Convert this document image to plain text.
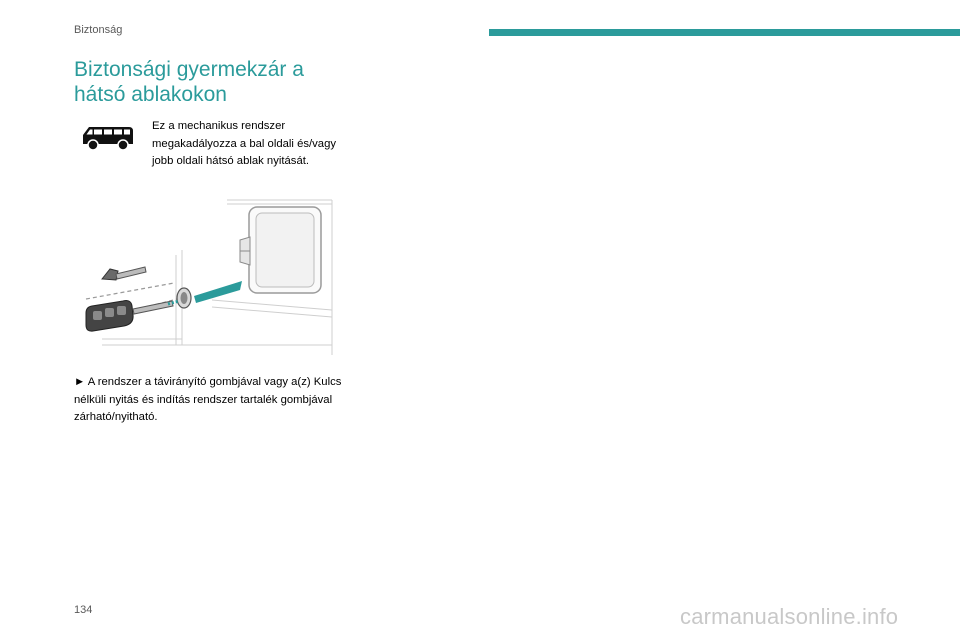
Biztonság
Biztonsági gyermekzár a hátsó ablakokon

Ez a mechanikus rendszer megakadályozza a bal oldali és/vagy jobb oldali hátsó ablak nyitását.

► A rendszer a távirányító gombjával vagy a(z) Kulcs nélküli nyitás és indítás rendszer tartalék gombjával zárható/nyitható.

134	carmanualsonline.info
